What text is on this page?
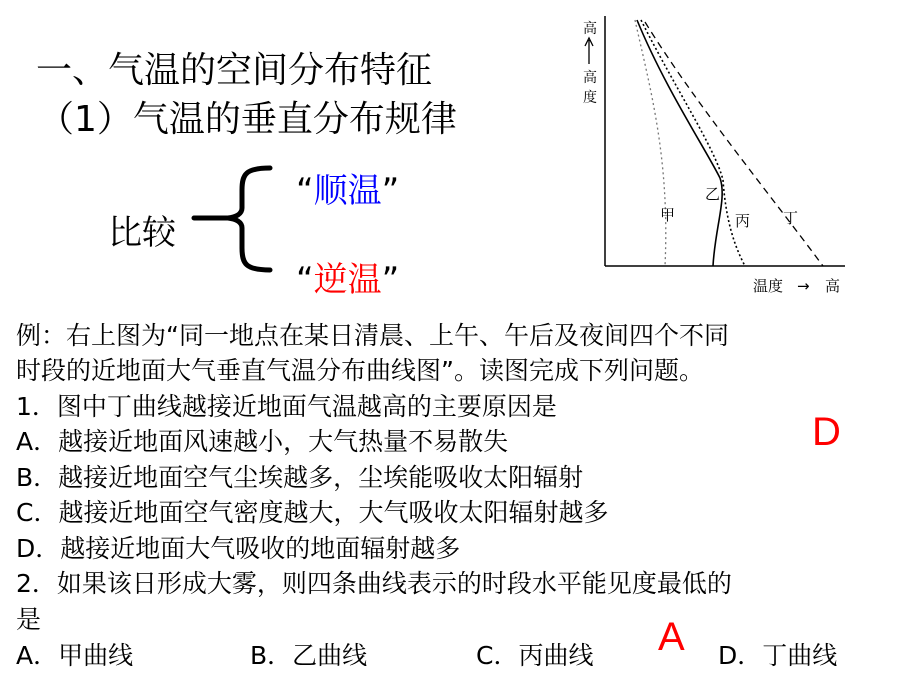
一、气温的空间分布特征
（1）气温的垂直分布规律
比较
“顺温”
“逆温”
高
高
度
甲
乙
丙 丁
温度 → 高
例：右上图为“同一地点在某日清晨、上午、午后及夜间四个不同
时段的近地面大气垂直气温分布曲线图”。读图完成下列问题。
1．图中丁曲线越接近地面气温越高的主要原因是
A．越接近地面风速越小，大气热量不易散失
B．越接近地面空气尘埃越多，尘埃能吸收太阳辐射
C．越接近地面空气密度越大，大气吸收太阳辐射越多
D．越接近地面大气吸收的地面辐射越多
2．如果该日形成大雾，则四条曲线表示的时段水平能见度最低的
是
A．甲曲线	B．乙曲线	C．丙曲线	D．丁曲线
D
A
